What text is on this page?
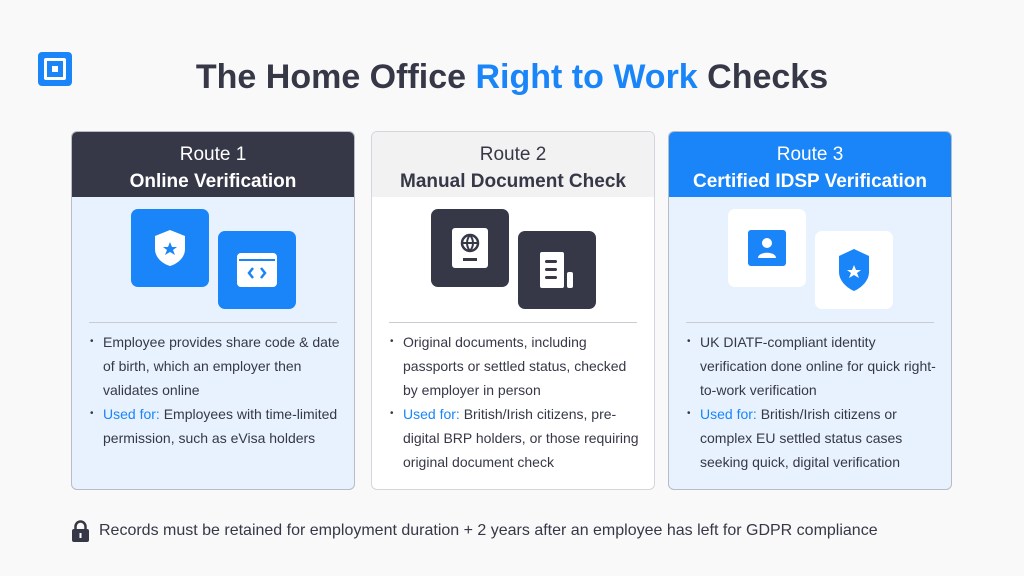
The Home Office Right to Work Checks
Route 1
Online Verification
• Employee provides share code & date of birth, which an employer then validates online
• Used for: Employees with time-limited permission, such as eVisa holders
Route 2
Manual Document Check
• Original documents, including passports or settled status, checked by employer in person
• Used for: British/Irish citizens, pre-digital BRP holders, or those requiring original document check
Route 3
Certified IDSP Verification
• UK DIATF-compliant identity verification done online for quick right-to-work verification
• Used for: British/Irish citizens or complex EU settled status cases seeking quick, digital verification
Records must be retained for employment duration + 2 years after an employee has left for GDPR compliance
